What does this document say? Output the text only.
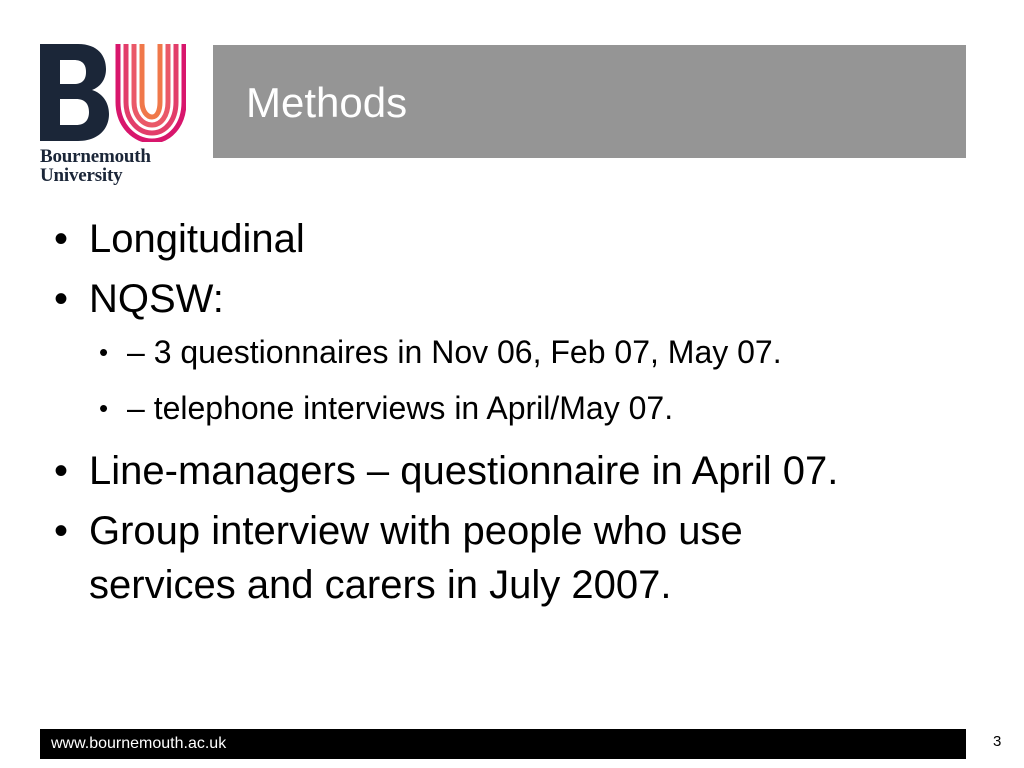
Bournemouth
University
Methods
• Longitudinal
• NQSW:
• – 3 questionnaires in Nov 06, Feb 07, May 07.
• – telephone interviews in April/May 07.
• Line-managers – questionnaire in April 07.
• Group interview with people who use services and carers in July 2007.
www.bournemouth.ac.uk	3
